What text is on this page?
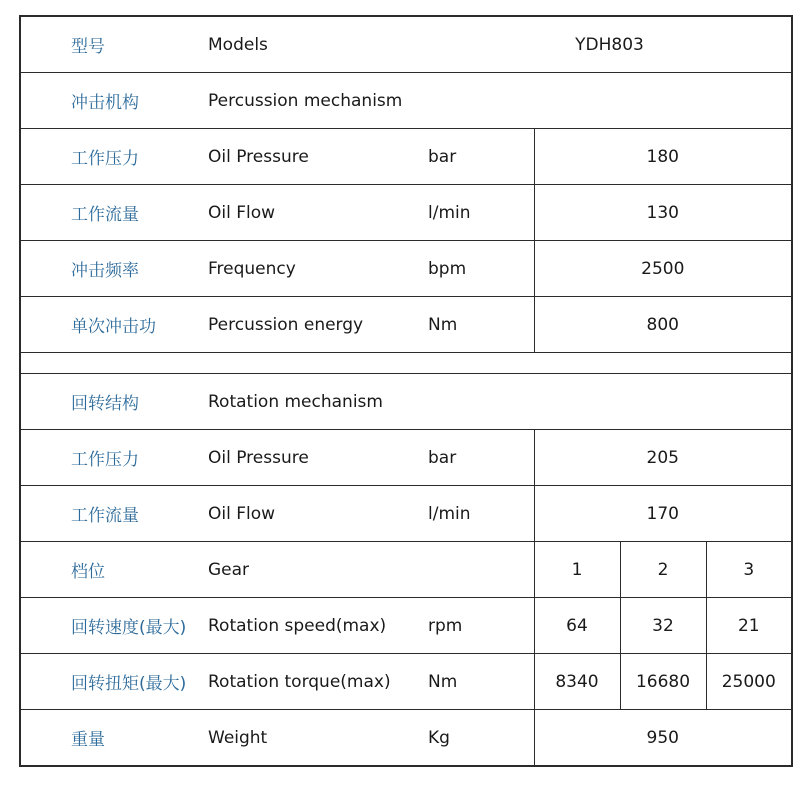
型号	Models	YDH803			
冲击机构	Percussion mechanism				
工作压力	Oil Pressure	bar	180		
工作流量	Oil Flow	l/min	130		
冲击频率	Frequency	bpm	2500		
单次冲击功	Percussion energy	Nm	800		

回转结构	Rotation mechanism				
工作压力	Oil Pressure	bar	205		
工作流量	Oil Flow	l/min	170		
档位	Gear		1	2	3
回转速度(最大)	Rotation speed(max)	rpm	64	32	21
回转扭矩(最大)	Rotation torque(max)	Nm	8340	16680	25000
重量	Weight	Kg	950		
